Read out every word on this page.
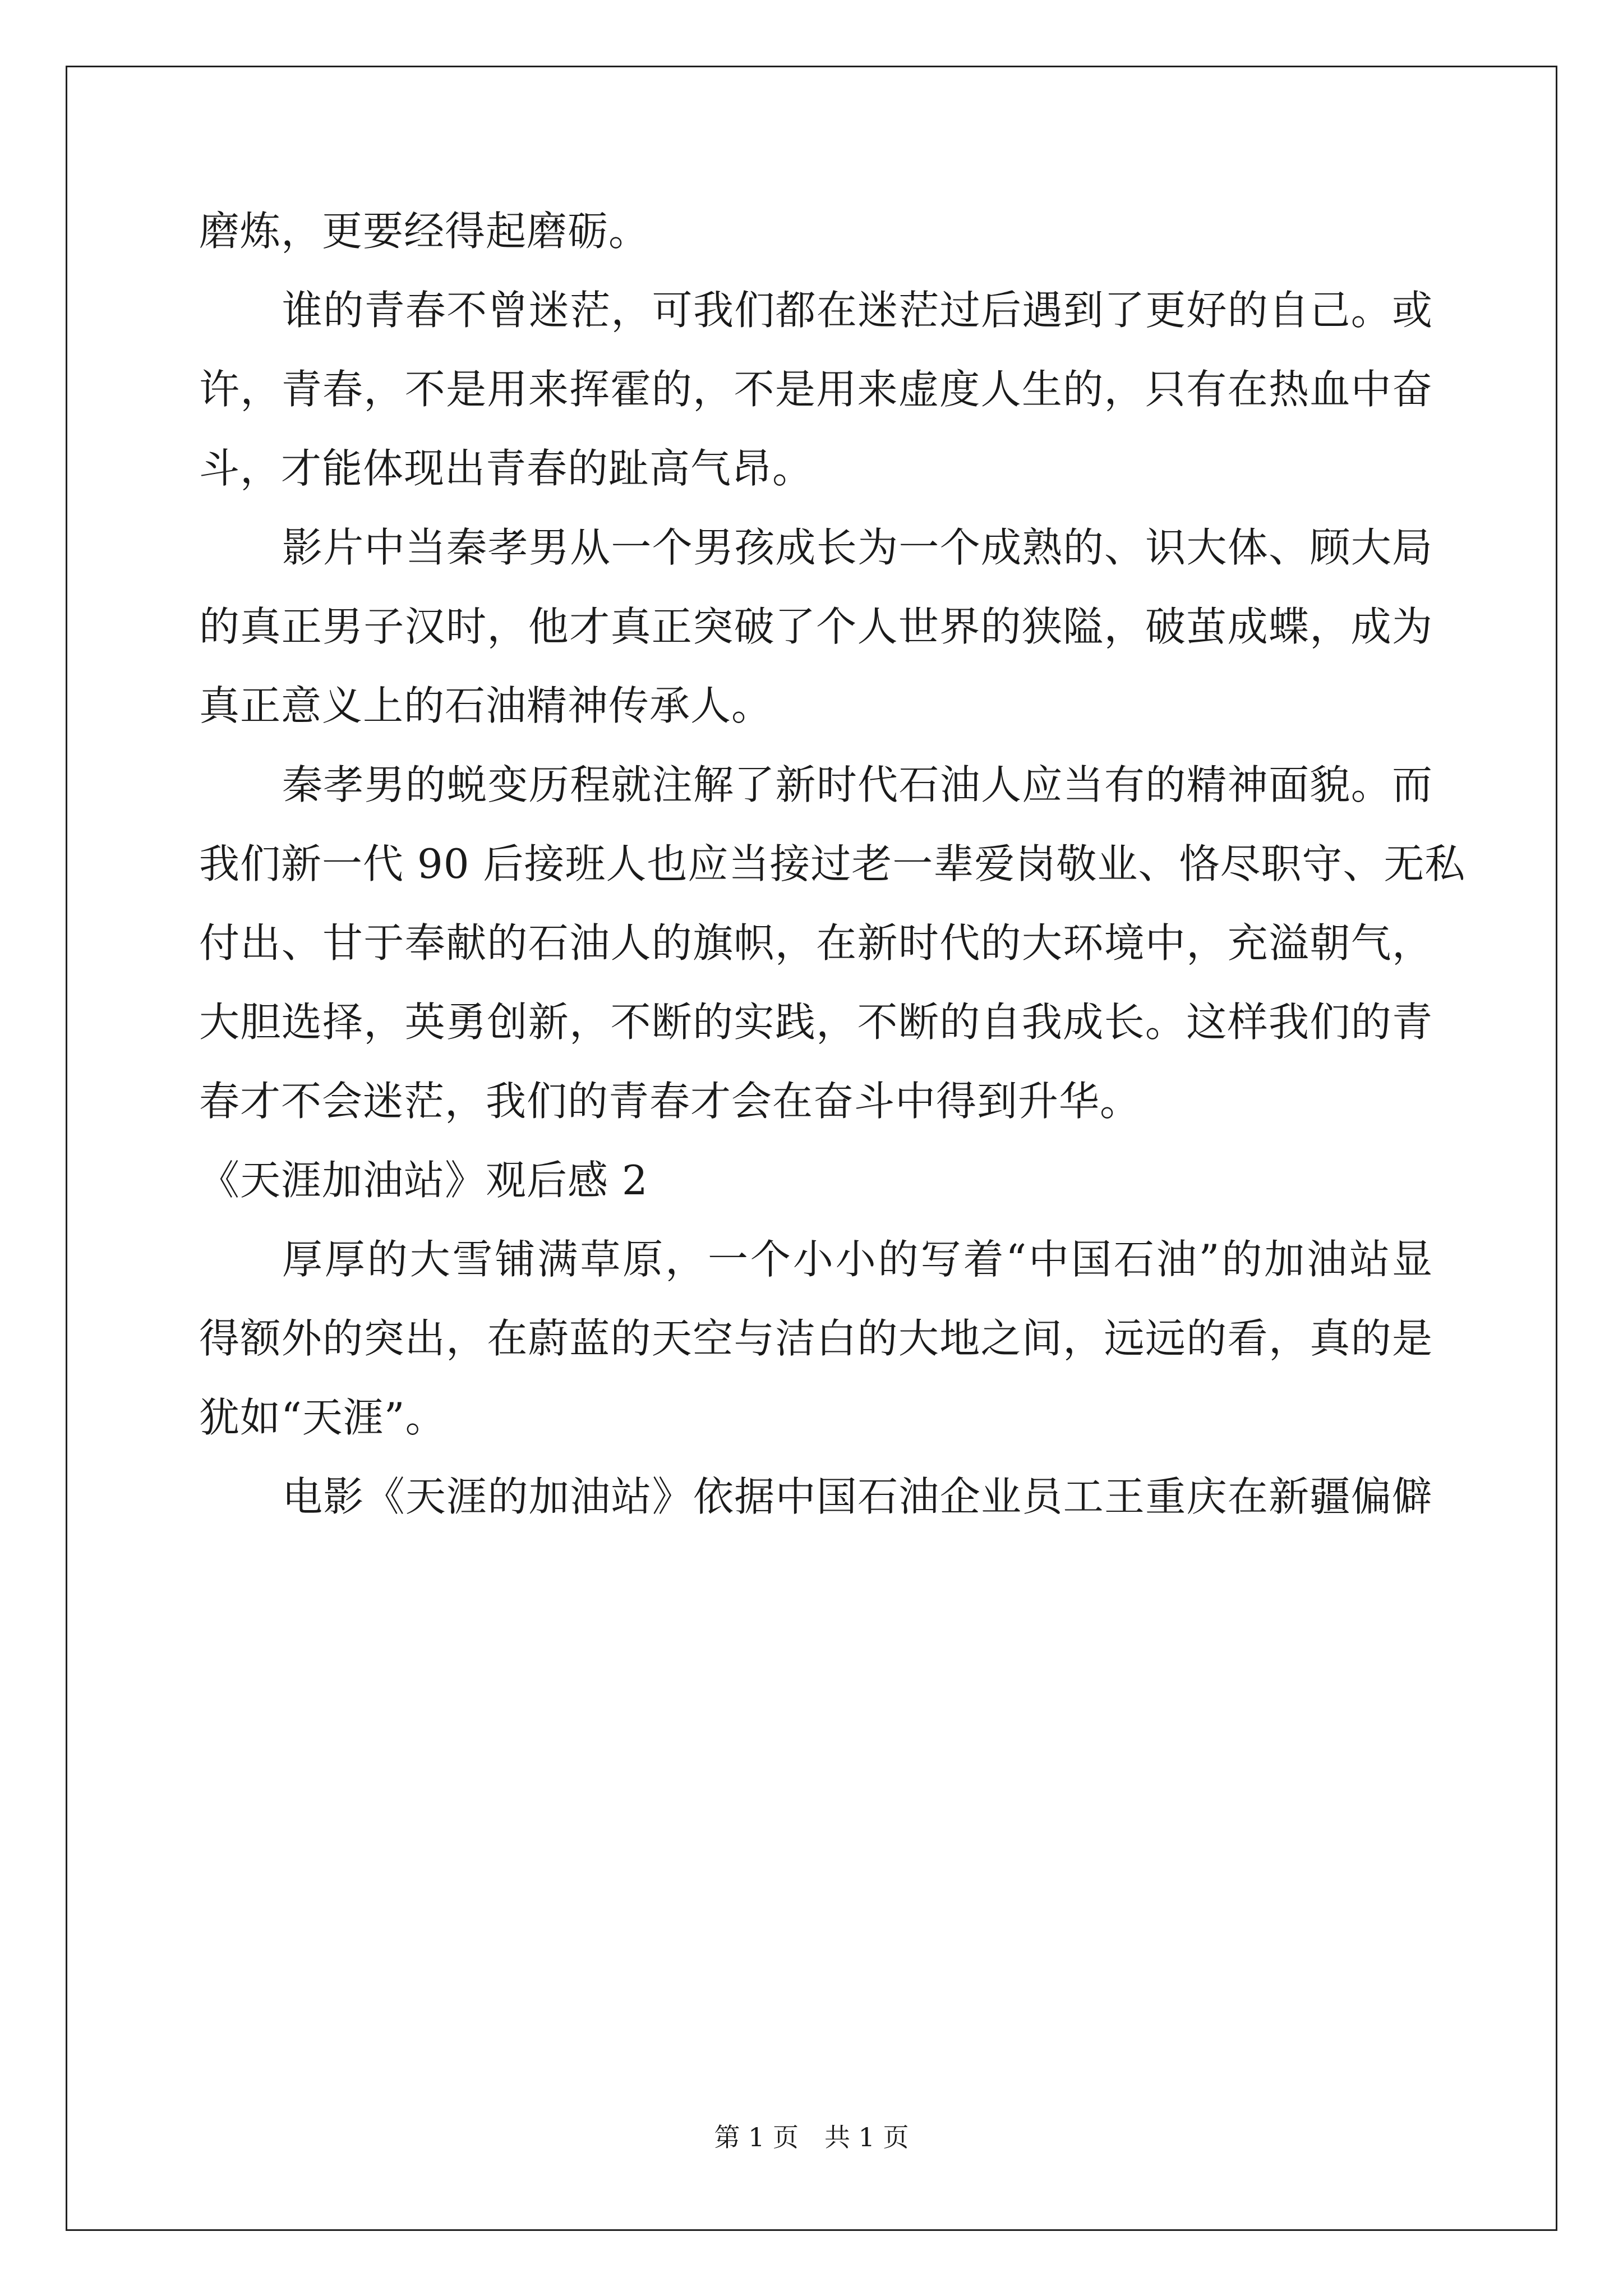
磨炼，更要经得起磨砺。
谁的青春不曾迷茫，可我们都在迷茫过后遇到了更好的自己。或
许，青春，不是用来挥霍的，不是用来虚度人生的，只有在热血中奋
斗，才能体现出青春的趾高气昂。
影片中当秦孝男从一个男孩成长为一个成熟的、识大体、顾大局
的真正男子汉时，他才真正突破了个人世界的狭隘，破茧成蝶，成为
真正意义上的石油精神传承人。
秦孝男的蜕变历程就注解了新时代石油人应当有的精神面貌。而
我们新一代 90 后接班人也应当接过老一辈爱岗敬业、恪尽职守、无私
付出、甘于奉献的石油人的旗帜，在新时代的大环境中，充溢朝气，
大胆选择，英勇创新，不断的实践，不断的自我成长。这样我们的青
春才不会迷茫，我们的青春才会在奋斗中得到升华。
《天涯加油站》观后感 2
厚厚的大雪铺满草原，一个小小的写着“中国石油”的加油站显
得额外的突出，在蔚蓝的天空与洁白的大地之间，远远的看，真的是
犹如“天涯”。
电影《天涯的加油站》依据中国石油企业员工王重庆在新疆偏僻
第 1 页　共 1 页
